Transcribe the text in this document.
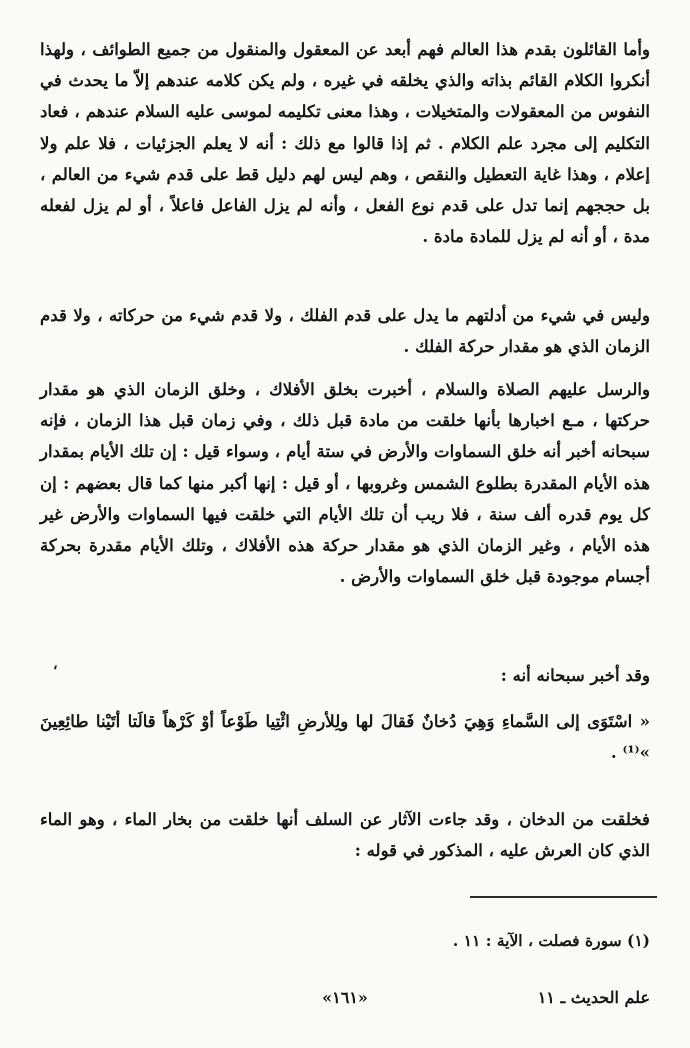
وأما القائلون بقدم هذا العالم فهم أبعد عن المعقول والمنقول من جميع الطوائف ، ولهذا أنكروا الكلام القائم بذاته والذي يخلقه في غيره ، ولم يكن كلامه عندهم إلاّ ما يحدث في النفوس من المعقولات والمتخيلات ، وهذا معنى تكليمه لموسى عليه السلام عندهم ، فعاد التكليم إلى مجرد علم الكلام . ثم إذا قالوا مع ذلك : أنه لا يعلم الجزئيات ، فلا علم ولا إعلام ، وهذا غاية التعطيل والنقص ، وهم ليس لهم دليل قط على قدم شيء من العالم ، بل حججهم إنما تدل على قدم نوع الفعل ، وأنه لم يزل الفاعل فاعلاً ، أو لم يزل لفعله مدة ، أو أنه لم يزل للمادة مادة .

وليس في شيء من أدلتهم ما يدل على قدم الفلك ، ولا قدم شيء من حركاته ، ولا قدم الزمان الذي هو مقدار حركة الفلك .

والرسل عليهم الصلاة والسلام ، أخبرت بخلق الأفلاك ، وخلق الزمان الذي هو مقدار حركتها ، مـع اخبارها بأنها خلقت من مادة قبل ذلك ، وفي زمان قبل هذا الزمان ، فإنه سبحانه أخبر أنه خلق السماوات والأرض في ستة أيام ، وسواء قيل : إن تلك الأيام بمقدار هذه الأيام المقدرة بطلوع الشمس وغروبها ، أو قيل : إنها أكبر منها كما قال بعضهم : إن كل يوم قدره ألف سنة ، فلا ريب أن تلك الأيام التي خلقت فيها السماوات والأرض غير هذه الأيام ، وغير الزمان الذي هو مقدار حركة هذه الأفلاك ، وتلك الأيام مقدرة بحركة أجسام موجودة قبل خلق السماوات والأرض .

وقد أخبر سبحانه أنه :

« اسْتَوَى إلى السَّماءِ وَهِيَ دُخانٌ فَقالَ لها ولِلأرضِ ائْتِيا طَوْعاً أوْ كَرْهاً قالَتا أتَيْنا طائِعِينَ »⁽¹⁾ .

فخلقت من الدخان ، وقد جاءت الآثار عن السلف أنها خلقت من بخار الماء ، وهو الماء الذي كان العرش عليه ، المذكور في قوله :

،

(١) سورة فصلت ، الآية : ١١ .

علم الحديث ـ ١١
«١٦١»
